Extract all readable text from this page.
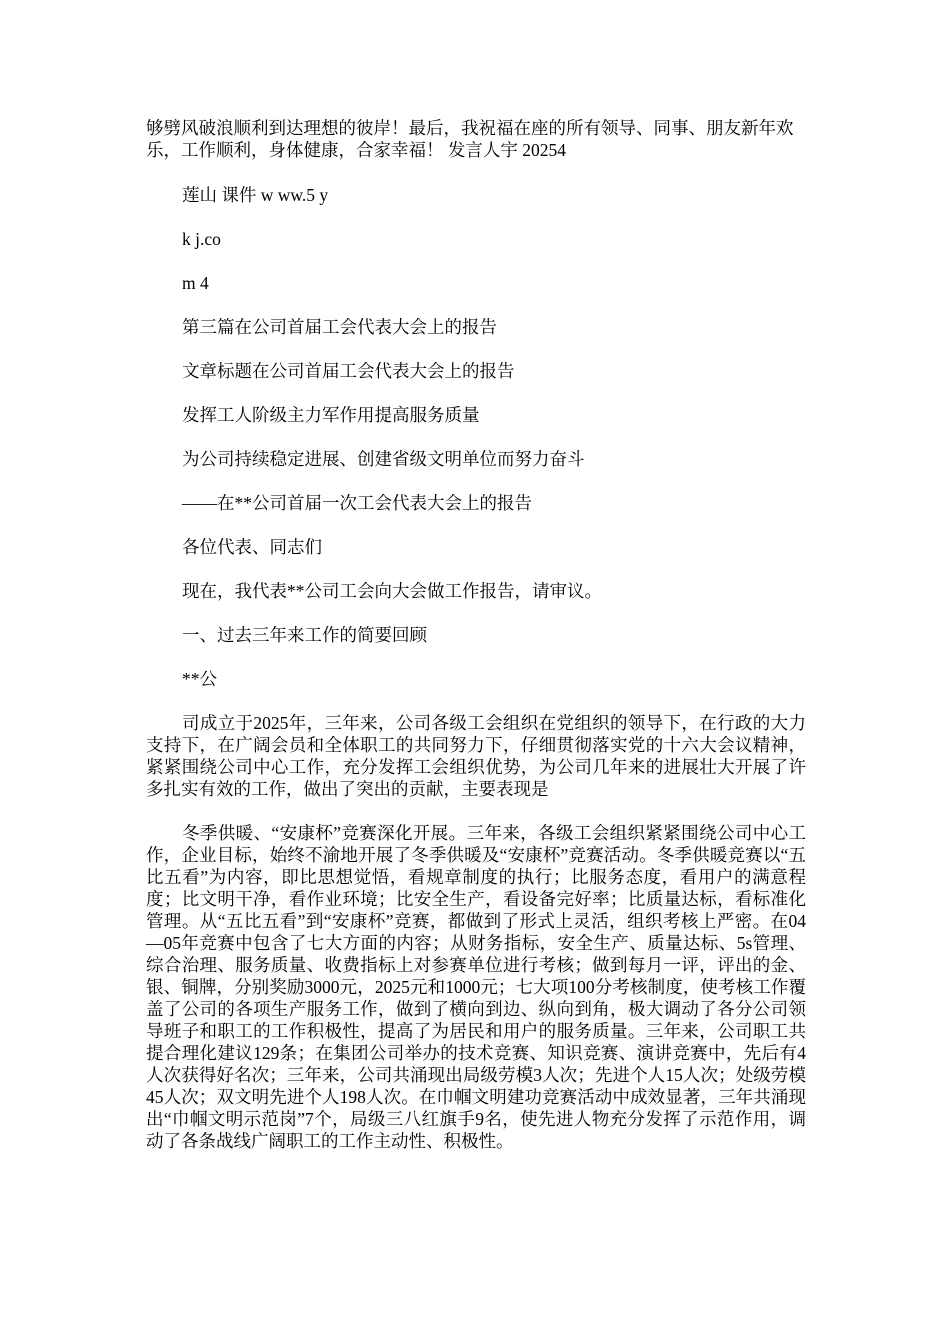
够劈风破浪顺利到达理想的彼岸！最后，我祝福在座的所有领导、同事、朋友新年欢乐，工作顺利，身体健康，合家幸福！ 发言人宇 20254

莲山 课件 w ww.5 y

k j.co

m 4

第三篇在公司首届工会代表大会上的报告

文章标题在公司首届工会代表大会上的报告

发挥工人阶级主力军作用提高服务质量

为公司持续稳定进展、创建省级文明单位而努力奋斗

——在**公司首届一次工会代表大会上的报告

各位代表、同志们

现在，我代表**公司工会向大会做工作报告，请审议。

一、过去三年来工作的简要回顾

**公

司成立于2025年，三年来，公司各级工会组织在党组织的领导下，在行政的大力支持下，在广阔会员和全体职工的共同努力下，仔细贯彻落实党的十六大会议精神，紧紧围绕公司中心工作，充分发挥工会组织优势，为公司几年来的进展壮大开展了许多扎实有效的工作，做出了突出的贡献，主要表现是

冬季供暖、“安康杯”竞赛深化开展。三年来，各级工会组织紧紧围绕公司中心工作，企业目标，始终不渝地开展了冬季供暖及“安康杯”竞赛活动。冬季供暖竞赛以“五比五看”为内容，即比思想觉悟，看规章制度的执行；比服务态度，看用户的满意程度；比文明干净，看作业环境；比安全生产，看设备完好率；比质量达标，看标准化管理。从“五比五看”到“安康杯”竞赛，都做到了形式上灵活，组织考核上严密。在04—05年竞赛中包含了七大方面的内容；从财务指标，安全生产、质量达标、5s管理、综合治理、服务质量、收费指标上对参赛单位进行考核；做到每月一评，评出的金、银、铜牌，分别奖励3000元，2025元和1000元；七大项100分考核制度，使考核工作覆盖了公司的各项生产服务工作，做到了横向到边、纵向到角，极大调动了各分公司领导班子和职工的工作积极性，提高了为居民和用户的服务质量。三年来，公司职工共提合理化建议129条；在集团公司举办的技术竞赛、知识竞赛、演讲竞赛中，先后有4人次获得好名次；三年来，公司共涌现出局级劳模3人次；先进个人15人次；处级劳模45人次；双文明先进个人198人次。在巾帼文明建功竞赛活动中成效显著，三年共涌现出“巾帼文明示范岗”7个，局级三八红旗手9名，使先进人物充分发挥了示范作用，调动了各条战线广阔职工的工作主动性、积极性。
